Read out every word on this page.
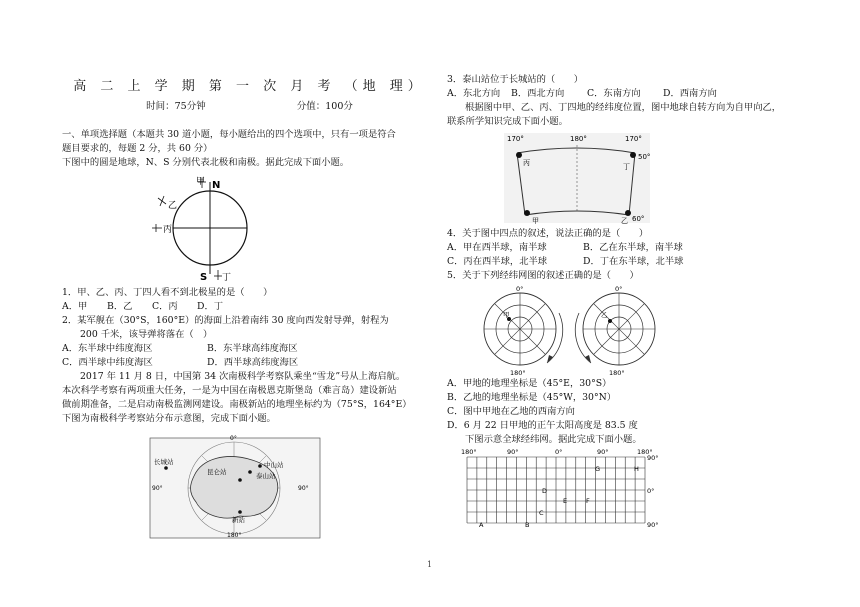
高 二 上 学 期 第 一 次 月 考 （地 理）
时间：75分钟	分值：100分

一、单项选择题（本题共 30 道小题，每小题给出的四个选项中，只有一项是符合

题目要求的，每题 2 分，共 60 分）

下图中的圆是地球，N、S 分别代表北极和南极。据此完成下面小题。

N
甲
乙
丙
S 丁

1．甲、乙、丙、丁四人看不到北极星的是（　　）

A．甲	B．乙	C．丙	D．丁

2．某军舰在（30°S，160°E）的海面上沿着南纬 30 度向西发射导弹，射程为

200 千米，该导弹将落在（　）

A．东半球中纬度海区	B．东半球高纬度海区
C．西半球中纬度海区	D．西半球高纬度海区

2017 年 11 月 8 日，中国第 34 次南极科学考察队乘坐“雪龙”号从上海启航。

本次科学考察有两项重大任务，一是为中国在南极恩克斯堡岛（难言岛）建设新站

做前期准备，二是启动南极监测网建设。南极新站的地理坐标约为（75°S，164°E）

下图为南极科学考察站分布示意图，完成下面小题。

0°
90°	90°
180°
长城站	中山站
泰山站
昆仑站
新站

3．泰山站位于长城站的（　　）

A．东北方向	B．西北方向	C．东南方向	D．西南方向

根据图中甲、乙、丙、丁四地的经纬度位置，图中地球自转方向为自甲向乙，

联系所学知识完成下面小题。

170°	180°	170°
50°
60°
丙	丁
甲	乙

4．关于图中四点的叙述，说法正确的是（　　）

A．甲在西半球，南半球	B．乙在东半球，南半球
C．丙在西半球，北半球	D．丁在东半球，北半球

5．关于下列经纬网图的叙述正确的是（　　）

甲
0°
180°
乙
0°
180°

A．甲地的地理坐标是（45°E，30°S）

B．乙地的地理坐标是（45°W，30°N）

C．图中甲地在乙地的西南方向

D．6 月 22 日甲地的正午太阳高度是 83.5 度

下图示意全球经纬网。据此完成下面小题。

180°	90°	0°	90°	180°
90°
0°
90°
G	H
D
E	F
C
A	B
1
